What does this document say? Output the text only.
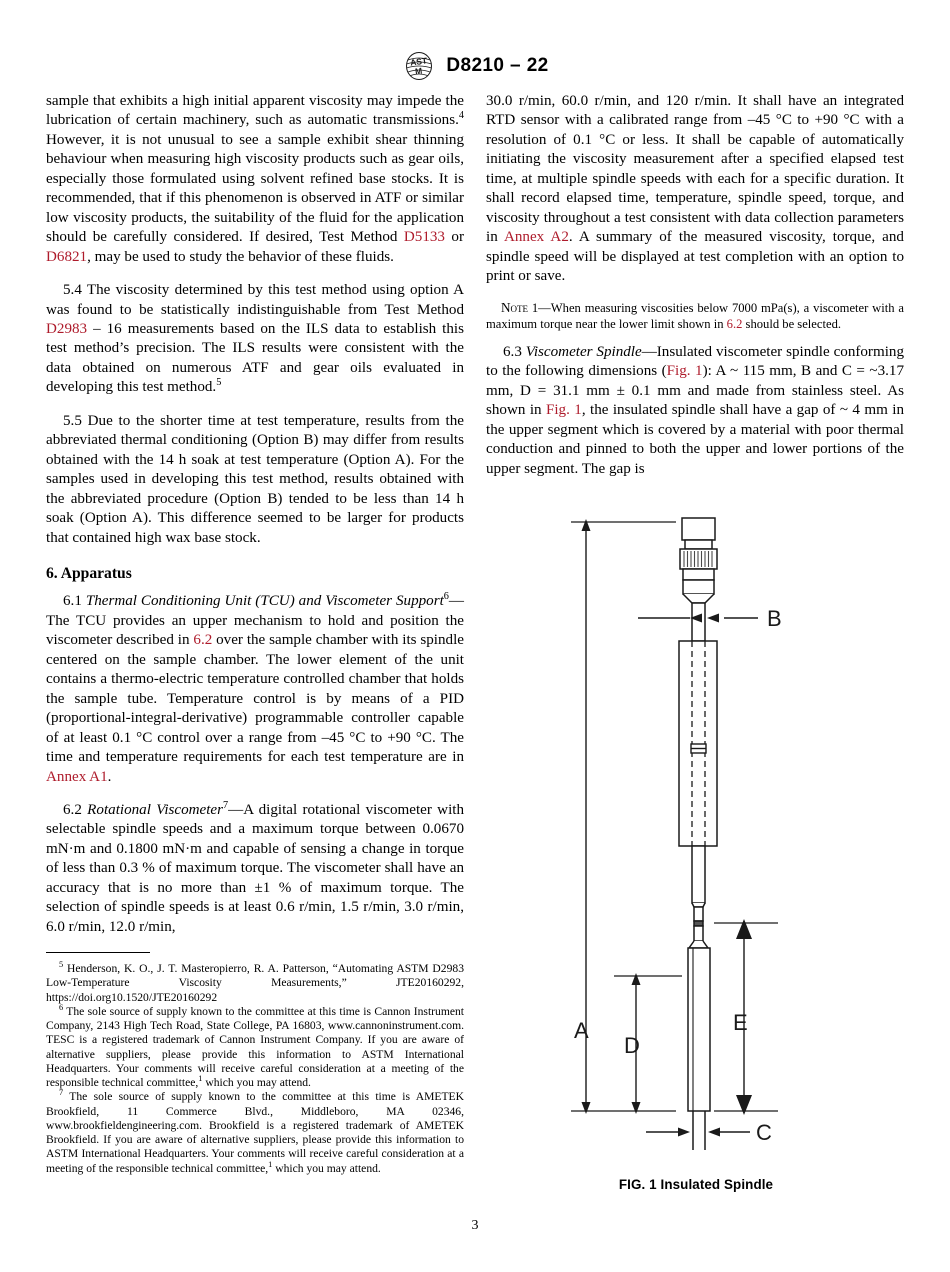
AST
M D8210 – 22

sample that exhibits a high initial apparent viscosity may impede the lubrication of certain machinery, such as automatic transmissions.$^4$ However, it is not unusual to see a sample exhibit shear thinning behaviour when measuring high viscosity products such as gear oils, especially those formulated using solvent refined base stocks. It is recommended, that if this phenomenon is observed in ATF or similar low viscosity products, the suitability of the fluid for the application should be carefully considered. If desired, Test Method D5133 or D6821, may be used to study the behavior of these fluids.

5.4 The viscosity determined by this test method using option A was found to be statistically indistinguishable from Test Method D2983 – 16 measurements based on the ILS data to establish this test method’s precision. The ILS results were consistent with the data obtained on numerous ATF and gear oils evaluated in developing this test method.$^5$

5.5 Due to the shorter time at test temperature, results from the abbreviated thermal conditioning (Option B) may differ from results obtained with the 14 h soak at test temperature (Option A). For the samples used in developing this test method, results obtained with the abbreviated procedure (Option B) tended to be less than 14 h soak (Option A). This difference seemed to be larger for products that contained high wax base stock.

6. Apparatus

6.1 Thermal Conditioning Unit (TCU) and Viscometer Support$^6$—The TCU provides an upper mechanism to hold and position the viscometer described in 6.2 over the sample chamber with its spindle centered on the sample chamber. The lower element of the unit contains a thermo-electric temperature controlled chamber that holds the sample tube. Temperature control is by means of a PID (proportional-integral-derivative) programmable controller capable of at least 0.1 °C control over a range from –45 °C to +90 °C. The time and temperature requirements for each test temperature are in Annex A1.

6.2 Rotational Viscometer$^7$—A digital rotational viscometer with selectable spindle speeds and a maximum torque between 0.0670 mN·m and 0.1800 mN·m and capable of sensing a change in torque of less than 0.3 % of maximum torque. The viscometer shall have an accuracy that is no more than ±1 % of maximum torque. The selection of spindle speeds is at least 0.6 r/min, 1.5 r/min, 3.0 r/min, 6.0 r/min, 12.0 r/min,

30.0 r/min, 60.0 r/min, and 120 r/min. It shall have an integrated RTD sensor with a calibrated range from –45 °C to +90 °C with a resolution of 0.1 °C or less. It shall be capable of automatically initiating the viscosity measurement after a specified elapsed test time, at multiple spindle speeds with each for a specific duration. It shall record elapsed time, temperature, spindle speed, torque, and viscosity throughout a test consistent with data collection parameters in Annex A2. A summary of the measured viscosity, torque, and spindle speed will be displayed at test completion with an option to print or save.

Note 1—When measuring viscosities below 7000 mPa(s), a viscometer with a maximum torque near the lower limit shown in 6.2 should be selected.

6.3 Viscometer Spindle—Insulated viscometer spindle conforming to the following dimensions (Fig. 1): A ~ 115 mm, B and C = ~3.17 mm, D = 31.1 mm ± 0.1 mm and made from stainless steel. As shown in Fig. 1, the insulated spindle shall have a gap of ~ 4 mm in the upper segment which is covered by a material with poor thermal conduction and pinned to both the upper and lower portions of the upper segment. The gap is

$^5$ Henderson, K. O., J. T. Masteropierro, R. A. Patterson, “Automating ASTM D2983 Low-Temperature Viscosity Measurements,” JTE20160292, https://doi.org10.1520/JTE20160292

$^6$ The sole source of supply known to the committee at this time is Cannon Instrument Company, 2143 High Tech Road, State College, PA 16803, www.cannoninstrument.com. TESC is a registered trademark of Cannon Instrument Company. If you are aware of alternative suppliers, please provide this information to ASTM International Headquarters. Your comments will receive careful consideration at a meeting of the responsible technical committee,$^1$ which you may attend.

$^7$ The sole source of supply known to the committee at this time is AMETEK Brookfield, 11 Commerce Blvd., Middleboro, MA 02346, www.brookfieldengineering.com. Brookfield is a registered trademark of AMETEK Brookfield. If you are aware of alternative suppliers, please provide this information to ASTM International Headquarters. Your comments will receive careful consideration at a meeting of the responsible technical committee,$^1$ which you may attend.

A
B
C
D
E
FIG. 1 Insulated Spindle
3
